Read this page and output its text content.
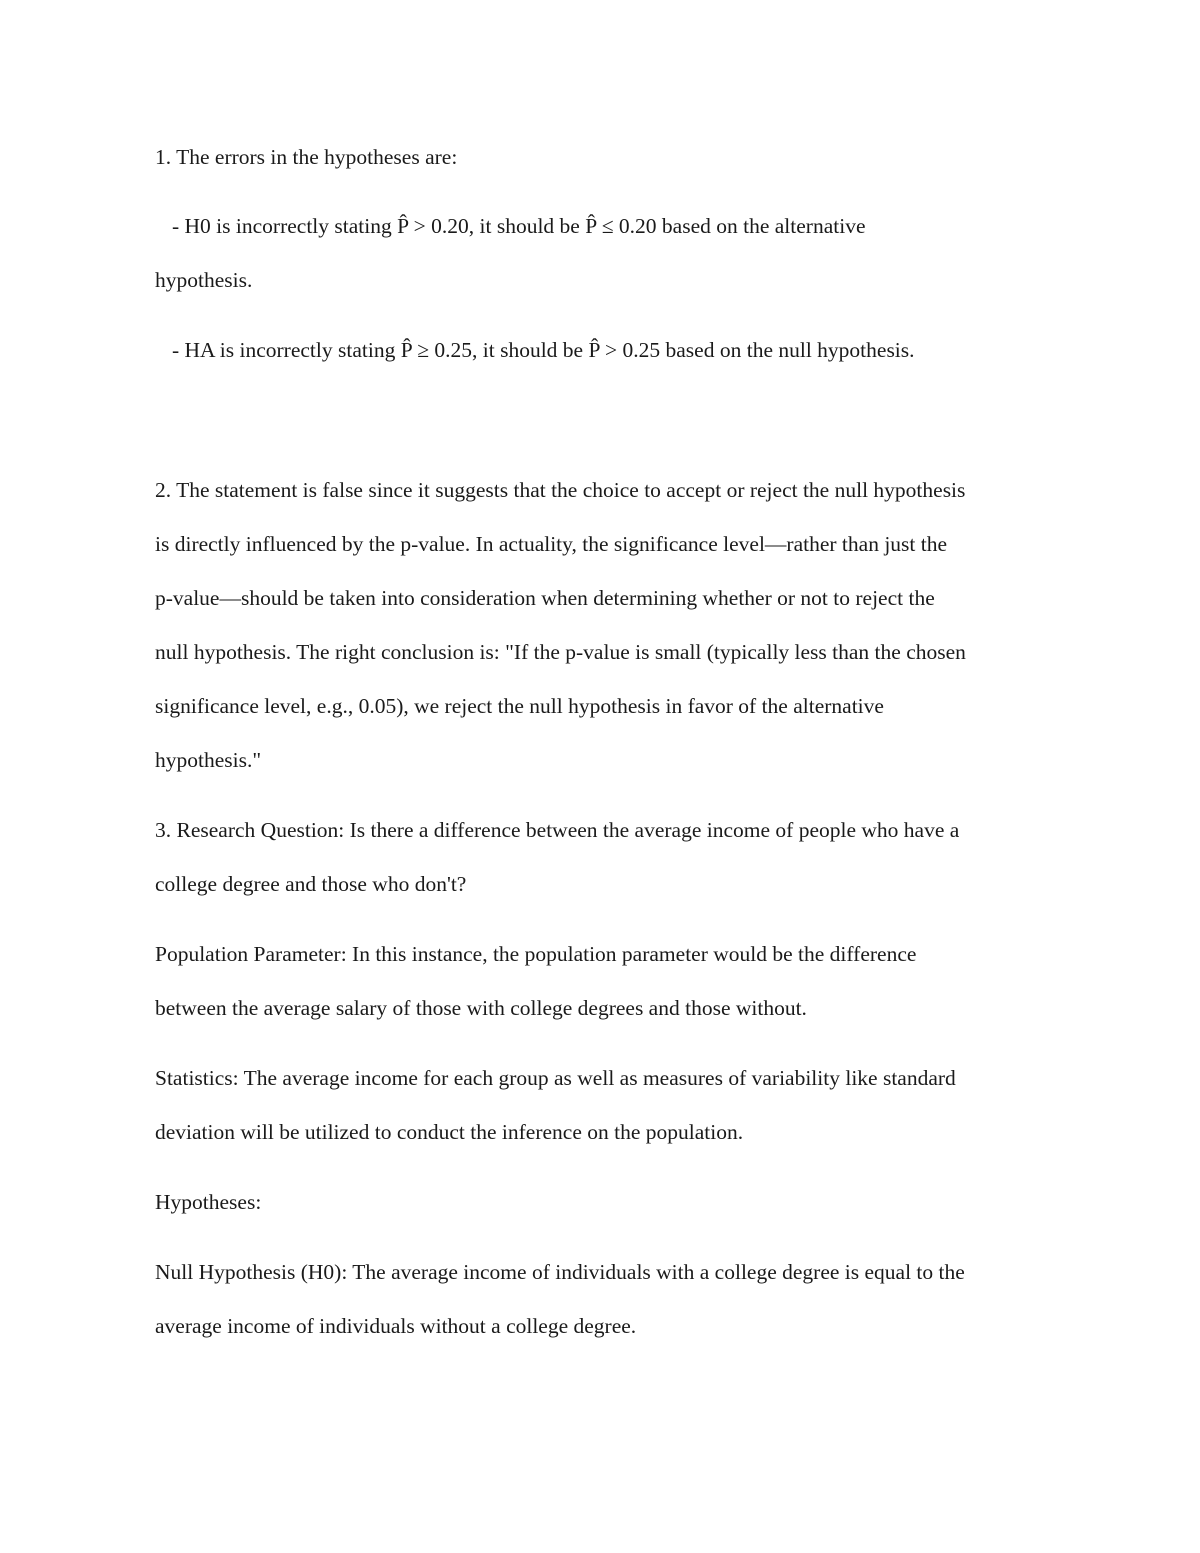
1. The errors in the hypotheses are:
- H0 is incorrectly stating P̂ > 0.20, it should be P̂ ≤ 0.20 based on the alternative
hypothesis.
- HA is incorrectly stating P̂ ≥ 0.25, it should be P̂ > 0.25 based on the null hypothesis.
2. The statement is false since it suggests that the choice to accept or reject the null hypothesis
is directly influenced by the p-value. In actuality, the significance level—rather than just the
p-value—should be taken into consideration when determining whether or not to reject the
null hypothesis. The right conclusion is: "If the p-value is small (typically less than the chosen
significance level, e.g., 0.05), we reject the null hypothesis in favor of the alternative
hypothesis."
3. Research Question: Is there a difference between the average income of people who have a
college degree and those who don't?
Population Parameter: In this instance, the population parameter would be the difference
between the average salary of those with college degrees and those without.
Statistics: The average income for each group as well as measures of variability like standard
deviation will be utilized to conduct the inference on the population.
Hypotheses:
Null Hypothesis (H0): The average income of individuals with a college degree is equal to the
average income of individuals without a college degree.
